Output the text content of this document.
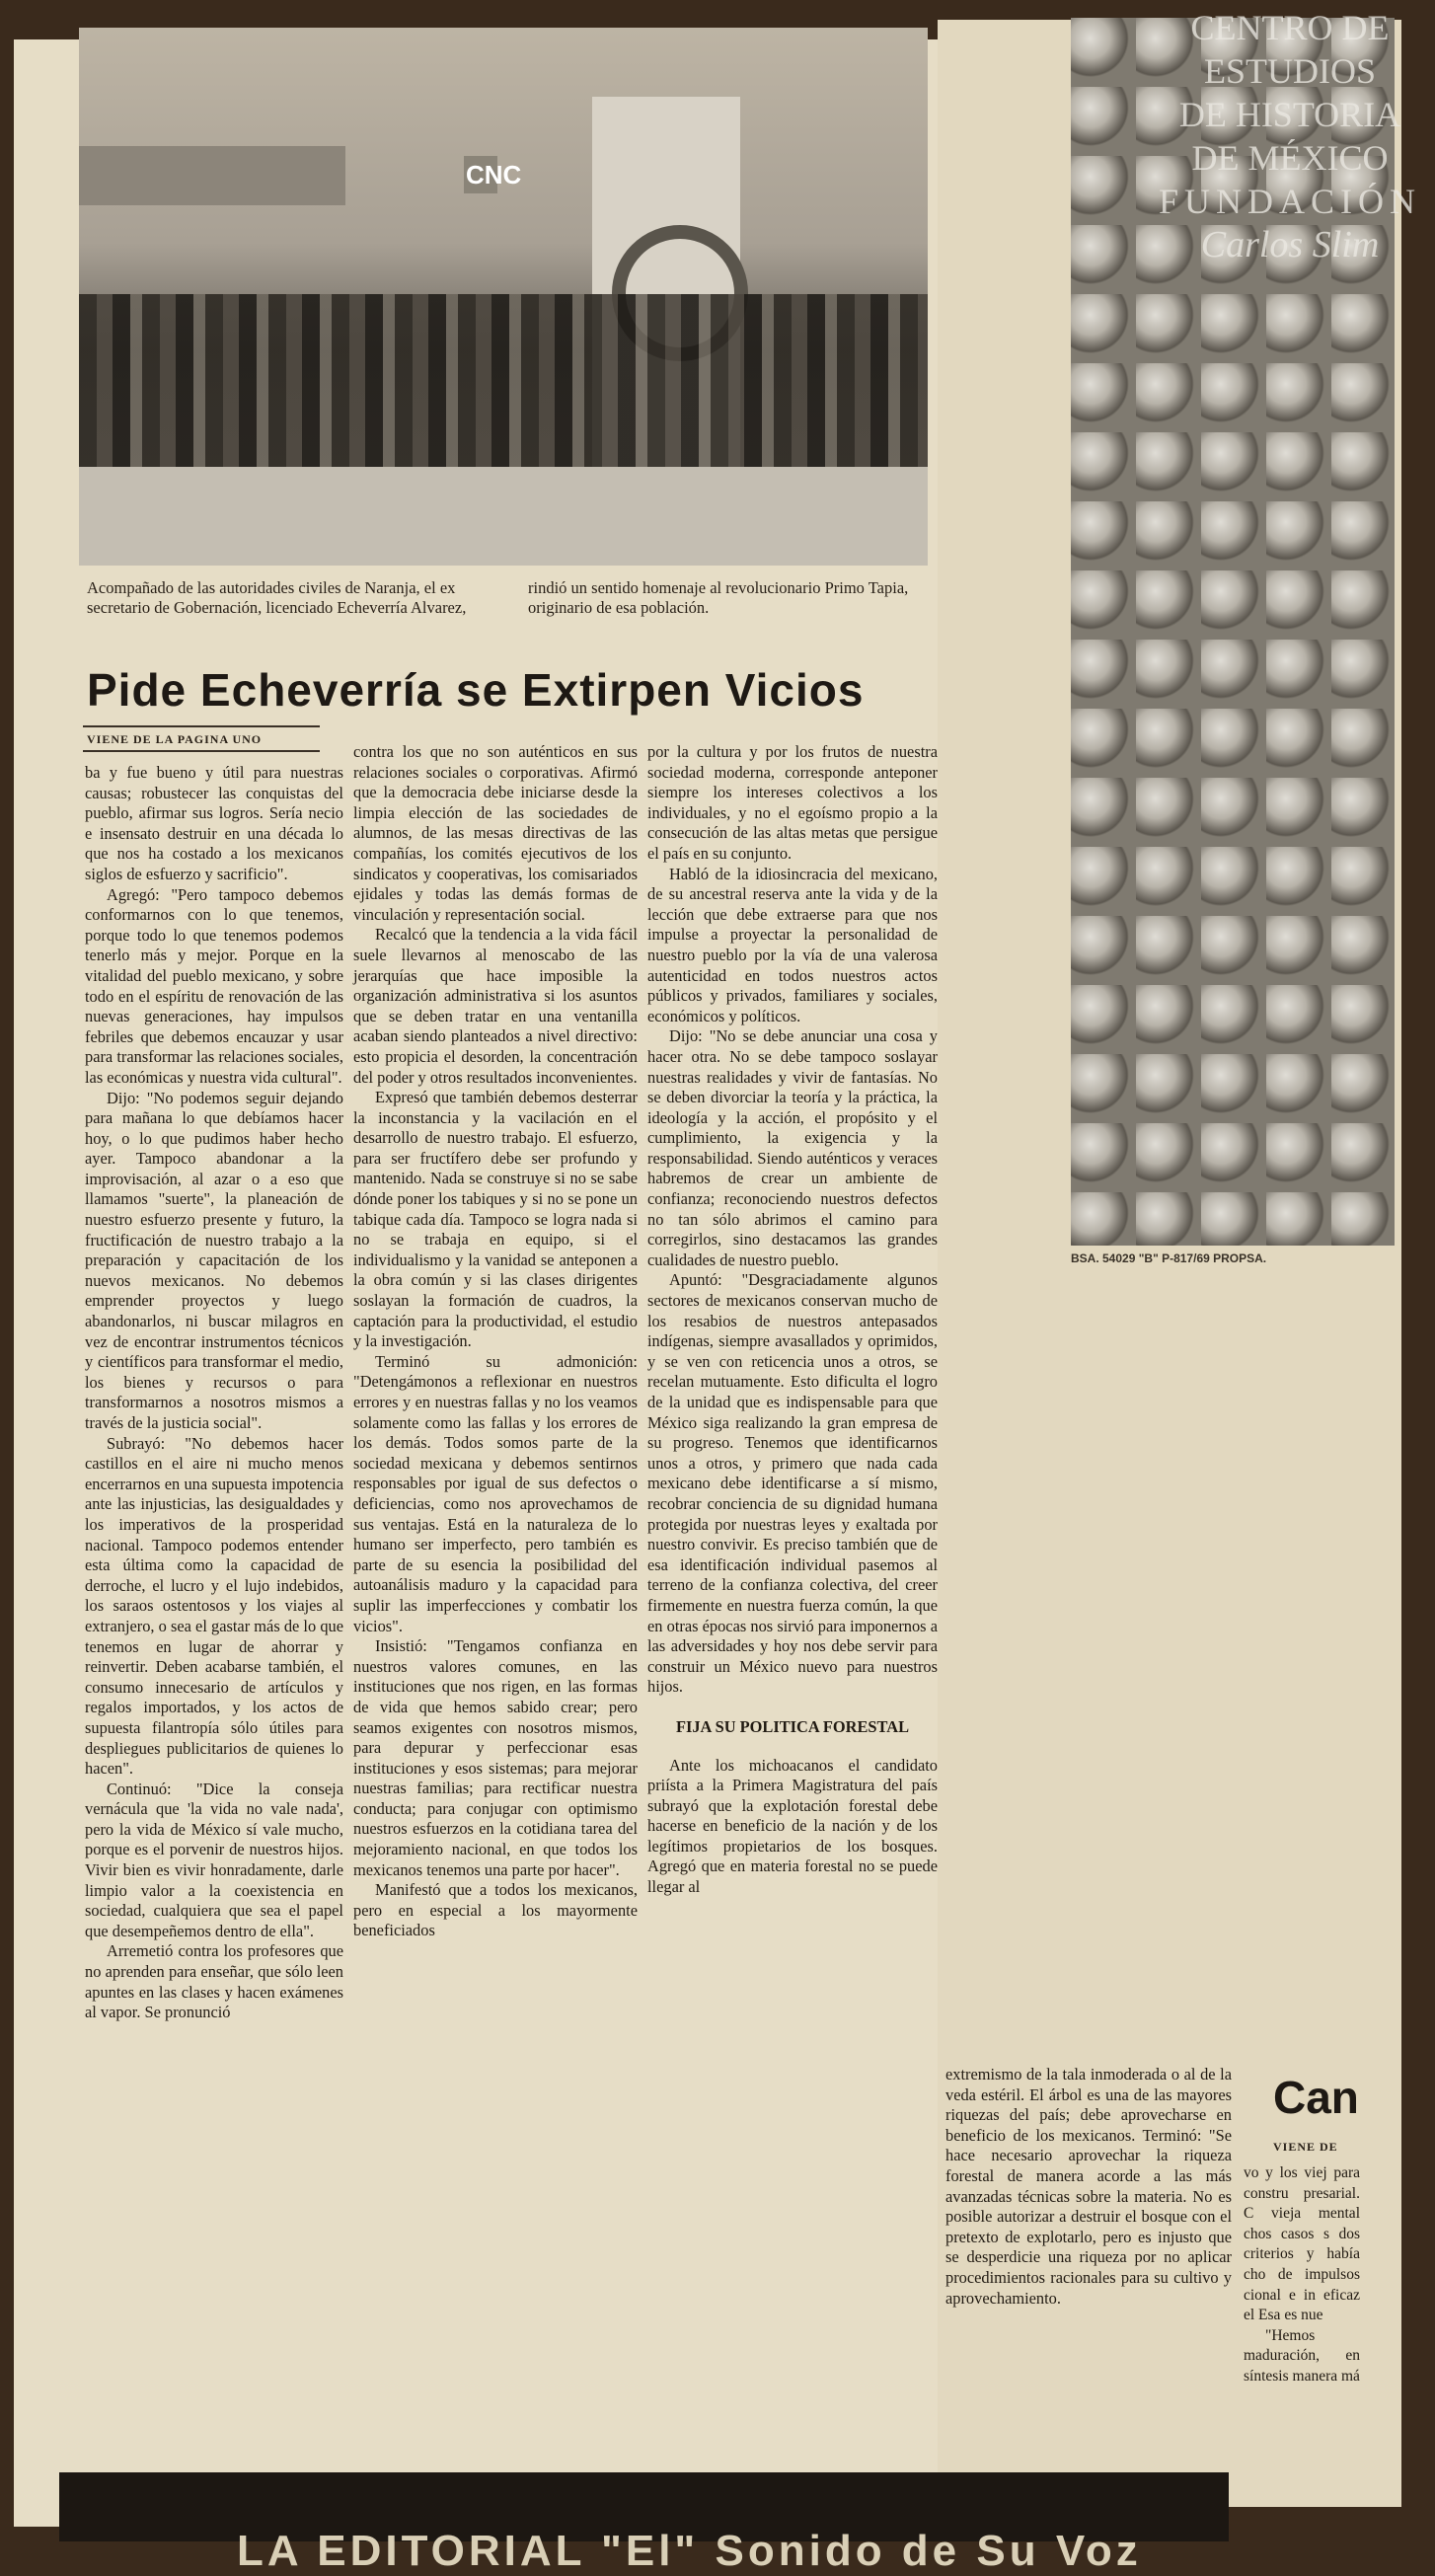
CNC
Acompañado de las autoridades civiles de Naranja, el ex secretario de Gobernación, licenciado Echeverría Alvarez,
rindió un sentido homenaje al revolucionario Primo Tapia, originario de esa población.
Pide Echeverría se Extirpen Vicios
VIENE DE LA PAGINA UNO

ba y fue bueno y útil para nuestras causas; robustecer las conquistas del pueblo, afirmar sus logros. Sería necio e insensato destruir en una década lo que nos ha costado a los mexicanos siglos de esfuerzo y sacrificio".

Agregó: "Pero tampoco debemos conformarnos con lo que tenemos, porque todo lo que tenemos podemos tenerlo más y mejor. Porque en la vitalidad del pueblo mexicano, y sobre todo en el espíritu de renovación de las nuevas generaciones, hay impulsos febriles que debemos encauzar y usar para transformar las relaciones sociales, las económicas y nuestra vida cultural".

Dijo: "No podemos seguir dejando para mañana lo que debíamos hacer hoy, o lo que pudimos haber hecho ayer. Tampoco abandonar a la improvisación, al azar o a eso que llamamos "suerte", la planeación de nuestro esfuerzo presente y futuro, la fructificación de nuestro trabajo a la preparación y capacitación de los nuevos mexicanos. No debemos emprender proyectos y luego abandonarlos, ni buscar milagros en vez de encontrar instrumentos técnicos y científicos para transformar el medio, los bienes y recursos o para transformarnos a nosotros mismos a través de la justicia social".

Subrayó: "No debemos hacer castillos en el aire ni mucho menos encerrarnos en una supuesta impotencia ante las injusticias, las desigualdades y los imperativos de la prosperidad nacional. Tampoco podemos entender esta última como la capacidad de derroche, el lucro y el lujo indebidos, los saraos ostentosos y los viajes al extranjero, o sea el gastar más de lo que tenemos en lugar de ahorrar y reinvertir. Deben acabarse también, el consumo innecesario de artículos y regalos importados, y los actos de supuesta filantropía sólo útiles para despliegues publicitarios de quienes lo hacen".

Continuó: "Dice la conseja vernácula que 'la vida no vale nada', pero la vida de México sí vale mucho, porque es el porvenir de nuestros hijos. Vivir bien es vivir honradamente, darle limpio valor a la coexistencia en sociedad, cualquiera que sea el papel que desempeñemos dentro de ella".

Arremetió contra los profesores que no aprenden para enseñar, que sólo leen apuntes en las clases y hacen exámenes al vapor. Se pronunció

contra los que no son auténticos en sus relaciones sociales o corporativas. Afirmó que la democracia debe iniciarse desde la limpia elección de las sociedades de alumnos, de las mesas directivas de las compañías, los comités ejecutivos de los sindicatos y cooperativas, los comisariados ejidales y todas las demás formas de vinculación y representación social.

Recalcó que la tendencia a la vida fácil suele llevarnos al menoscabo de las jerarquías que hace imposible la organización administrativa si los asuntos que se deben tratar en una ventanilla acaban siendo planteados a nivel directivo: esto propicia el desorden, la concentración del poder y otros resultados inconvenientes.

Expresó que también debemos desterrar la inconstancia y la vacilación en el desarrollo de nuestro trabajo. El esfuerzo, para ser fructífero debe ser profundo y mantenido. Nada se construye si no se sabe dónde poner los tabiques y si no se pone un tabique cada día. Tampoco se logra nada si no se trabaja en equipo, si el individualismo y la vanidad se anteponen a la obra común y si las clases dirigentes soslayan la formación de cuadros, la captación para la productividad, el estudio y la investigación.

Terminó su admonición: "Detengámonos a reflexionar en nuestros errores y en nuestras fallas y no los veamos solamente como las fallas y los errores de los demás. Todos somos parte de la sociedad mexicana y debemos sentirnos responsables por igual de sus defectos o deficiencias, como nos aprovechamos de sus ventajas. Está en la naturaleza de lo humano ser imperfecto, pero también es parte de su esencia la posibilidad del autoanálisis maduro y la capacidad para suplir las imperfecciones y combatir los vicios".

Insistió: "Tengamos confianza en nuestros valores comunes, en las instituciones que nos rigen, en las formas de vida que hemos sabido crear; pero seamos exigentes con nosotros mismos, para depurar y perfeccionar esas instituciones y esos sistemas; para mejorar nuestras familias; para rectificar nuestra conducta; para conjugar con optimismo nuestros esfuerzos en la cotidiana tarea del mejoramiento nacional, en que todos los mexicanos tenemos una parte por hacer".

Manifestó que a todos los mexicanos, pero en especial a los mayormente beneficiados

por la cultura y por los frutos de nuestra sociedad moderna, corresponde anteponer siempre los intereses colectivos a los individuales, y no el egoísmo propio a la consecución de las altas metas que persigue el país en su conjunto.

Habló de la idiosincracia del mexicano, de su ancestral reserva ante la vida y de la lección que debe extraerse para que nos impulse a proyectar la personalidad de nuestro pueblo por la vía de una valerosa autenticidad en todos nuestros actos públicos y privados, familiares y sociales, económicos y políticos.

Dijo: "No se debe anunciar una cosa y hacer otra. No se debe tampoco soslayar nuestras realidades y vivir de fantasías. No se deben divorciar la teoría y la práctica, la ideología y la acción, el propósito y el cumplimiento, la exigencia y la responsabilidad. Siendo auténticos y veraces habremos de crear un ambiente de confianza; reconociendo nuestros defectos no tan sólo abrimos el camino para corregirlos, sino destacamos las grandes cualidades de nuestro pueblo.

Apuntó: "Desgraciadamente algunos sectores de mexicanos conservan mucho de los resabios de nuestros antepasados indígenas, siempre avasallados y oprimidos, y se ven con reticencia unos a otros, se recelan mutuamente. Esto dificulta el logro de la unidad que es indispensable para que México siga realizando la gran empresa de su progreso. Tenemos que identificarnos unos a otros, y primero que nada cada mexicano debe identificarse a sí mismo, recobrar conciencia de su dignidad humana protegida por nuestras leyes y exaltada por nuestro convivir. Es preciso también que de esa identificación individual pasemos al terreno de la confianza colectiva, del creer firmemente en nuestra fuerza común, la que en otras épocas nos sirvió para imponernos a las adversidades y hoy nos debe servir para construir un México nuevo para nuestros hijos.

FIJA SU POLITICA FORESTAL

Ante los michoacanos el candidato priísta a la Primera Magistratura del país subrayó que la explotación forestal debe hacerse en beneficio de la nación y de los legítimos propietarios de los bosques. Agregó que en materia forestal no se puede llegar al

extremismo de la tala inmoderada o al de la veda estéril. El árbol es una de las mayores riquezas del país; debe aprovecharse en beneficio de los mexicanos. Terminó: "Se hace necesario aprovechar la riqueza forestal de manera acorde a las más avanzadas técnicas sobre la materia. No es posible autorizar a destruir el bosque con el pretexto de explotarlo, pero es injusto que se desperdicie una riqueza por no aplicar procedimientos racionales para su cultivo y aprovechamiento.

BSA. 54029 "B" P-817/69 PROPSA.
CENTRO DE
ESTUDIOS
DE HISTORIA
DE MÉXICO
FUNDACIÓN
Carlos Slim
Can
VIENE DE

vo y los viej para constru presarial. C vieja mental chos casos s dos criterios y había cho de impulsos cional e in eficaz el Esa es nue

"Hemos maduración, en síntesis manera má

LA EDITORIAL "El" Sonido de Su Voz
